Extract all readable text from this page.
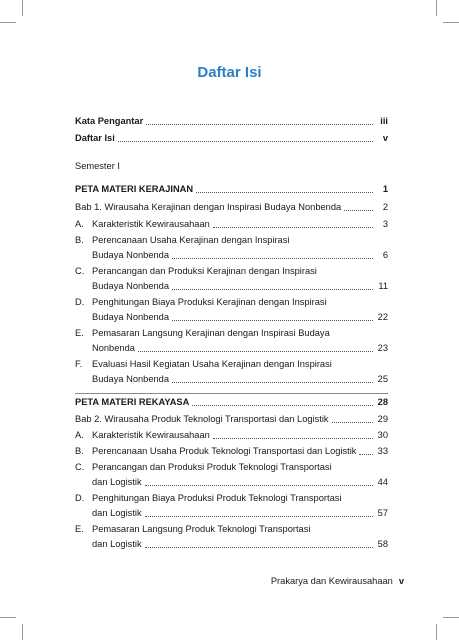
Daftar Isi
Kata Pengantar	iii
Daftar Isi	v
Semester I
PETA MATERI KERAJINAN	1
Bab 1. Wirausaha Kerajinan dengan Inspirasi Budaya Nonbenda	2
A. Karakteristik Kewirausahaan	3
B. Perencanaan Usaha Kerajinan dengan Inspirasi
Budaya Nonbenda	6
C. Perancangan dan Produksi Kerajinan dengan Inspirasi
Budaya Nonbenda	11
D. Penghitungan Biaya Produksi Kerajinan dengan Inspirasi
Budaya Nonbenda	22
E. Pemasaran Langsung Kerajinan dengan Inspirasi Budaya
Nonbenda	23
F.	Evaluasi Hasil Kegiatan Usaha Kerajinan dengan Inspirasi
Budaya Nonbenda	25
PETA MATERI REKAYASA	28
Bab 2. Wirausaha Produk Teknologi Transportasi dan Logistik	29
A. Karakteristik Kewirausahaan	30
B. Perencanaan Usaha Produk Teknologi Transportasi dan Logistik 33
C. Perancangan dan Produksi Produk Teknologi Transportasi
dan Logistik	44
D. Penghitungan Biaya Produksi Produk Teknologi Transportasi
dan Logistik	57
E. Pemasaran Langsung Produk Teknologi Transportasi
dan Logistik	58
Prakarya dan Kewirausahaan v
